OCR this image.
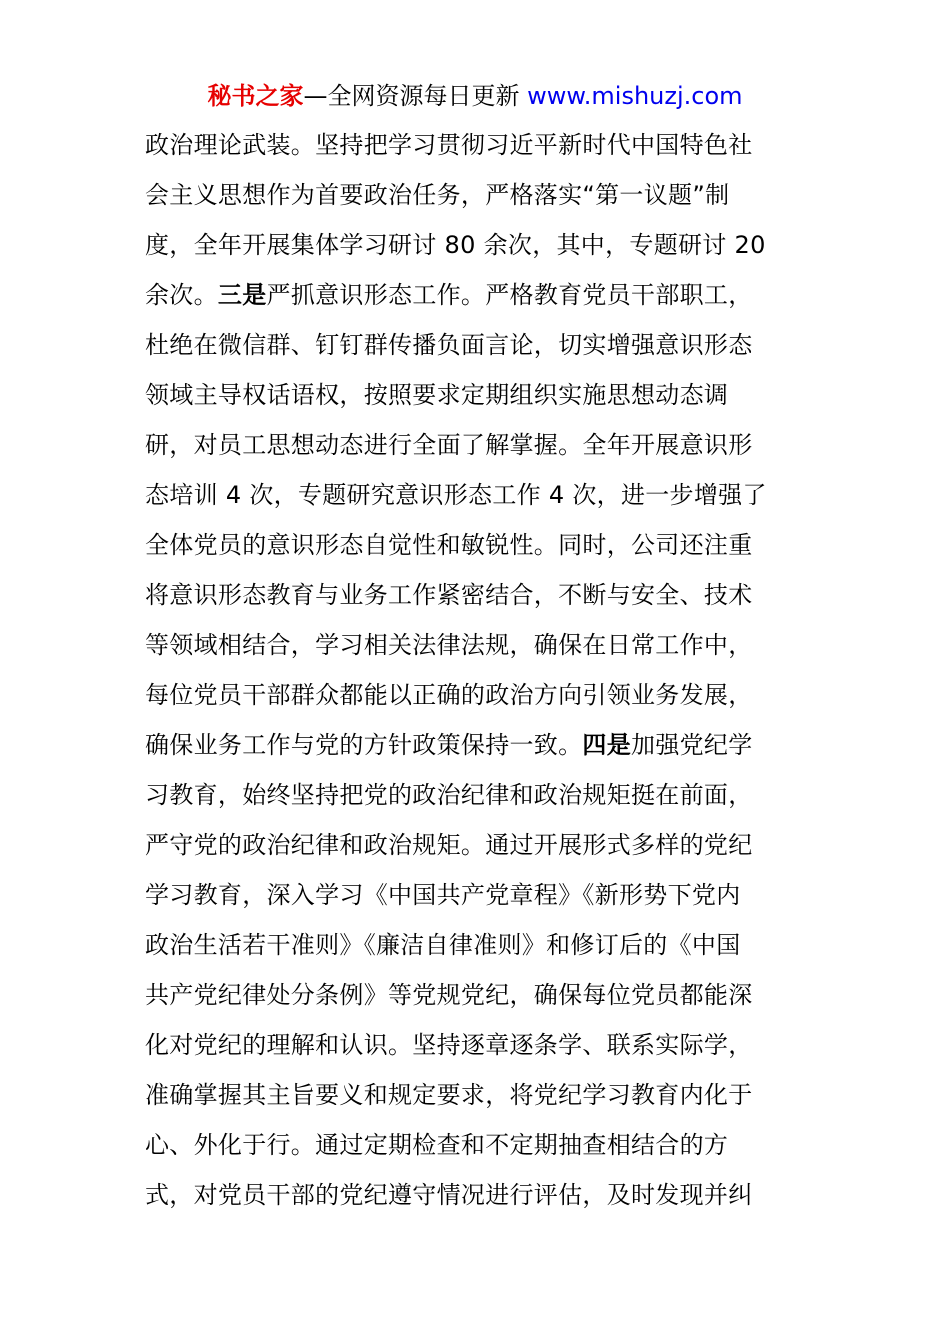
秘书之家—全网资源每日更新 www.mishuzj.com
政治理论武装。坚持把学习贯彻习近平新时代中国特色社
会主义思想作为首要政治任务，严格落实“第一议题”制
度，全年开展集体学习研讨 80 余次，其中，专题研讨 20
余次。三是严抓意识形态工作。严格教育党员干部职工，
杜绝在微信群、钉钉群传播负面言论，切实增强意识形态
领域主导权话语权，按照要求定期组织实施思想动态调
研，对员工思想动态进行全面了解掌握。全年开展意识形
态培训 4 次，专题研究意识形态工作 4 次，进一步增强了
全体党员的意识形态自觉性和敏锐性。同时，公司还注重
将意识形态教育与业务工作紧密结合，不断与安全、技术
等领域相结合，学习相关法律法规，确保在日常工作中，
每位党员干部群众都能以正确的政治方向引领业务发展，
确保业务工作与党的方针政策保持一致。四是加强党纪学
习教育，始终坚持把党的政治纪律和政治规矩挺在前面，
严守党的政治纪律和政治规矩。通过开展形式多样的党纪
学习教育，深入学习《中国共产党章程》《新形势下党内
政治生活若干准则》《廉洁自律准则》和修订后的《中国
共产党纪律处分条例》等党规党纪，确保每位党员都能深
化对党纪的理解和认识。坚持逐章逐条学、联系实际学，
准确掌握其主旨要义和规定要求，将党纪学习教育内化于
心、外化于行。通过定期检查和不定期抽查相结合的方
式，对党员干部的党纪遵守情况进行评估，及时发现并纠
